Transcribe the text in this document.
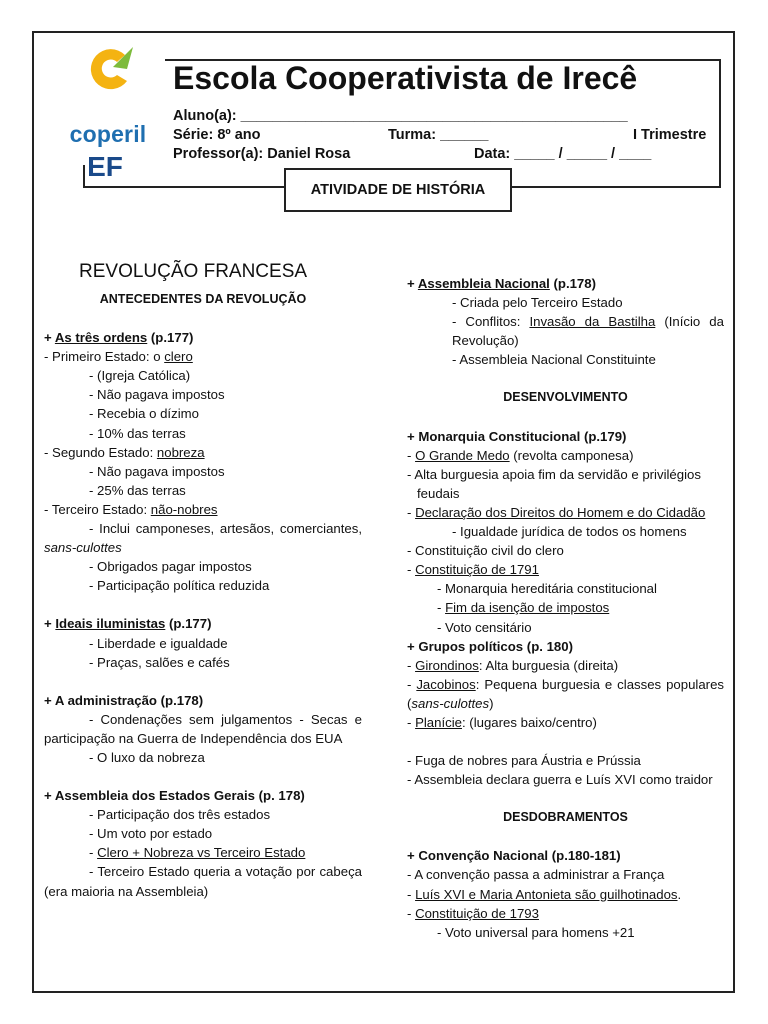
coperil
EF
Escola Cooperativista de Irecê
Aluno(a): ________________________________________________
Série: 8º ano	Turma: ______	I Trimestre
Professor(a): Daniel Rosa	Data: _____ / _____ / ____
ATIVIDADE DE HISTÓRIA

REVOLUÇÃO FRANCESA

ANTECEDENTES DA REVOLUÇÃO

+ As três ordens (p.177)

- Primeiro Estado: o clero

- (Igreja Católica)

- Não pagava impostos

- Recebia o dízimo

- 10% das terras

- Segundo Estado: nobreza

- Não pagava impostos

- 25% das terras

- Terceiro Estado: não-nobres

- Inclui camponeses, artesãos, comerciantes, sans-culottes

- Obrigados pagar impostos

- Participação política reduzida

+ Ideais iluministas (p.177)

- Liberdade e igualdade

- Praças, salões e cafés

+ A administração (p.178)

- Condenações sem julgamentos - Secas e participação na Guerra de Independência dos EUA

- O luxo da nobreza

+ Assembleia dos Estados Gerais (p. 178)

- Participação dos três estados

- Um voto por estado

- Clero + Nobreza vs Terceiro Estado

- Terceiro Estado queria a votação por cabeça (era maioria na Assembleia)

+ Assembleia Nacional (p.178)

- Criada pelo Terceiro Estado

- Conflitos: Invasão da Bastilha (Início da Revolução)

- Assembleia Nacional Constituinte

DESENVOLVIMENTO

+ Monarquia Constitucional (p.179)

- O Grande Medo (revolta camponesa)

- Alta burguesia apoia fim da servidão e privilégios feudais

- Declaração dos Direitos do Homem e do Cidadão

- Igualdade jurídica de todos os homens

- Constituição civil do clero

- Constituição de 1791

- Monarquia hereditária constitucional

- Fim da isenção de impostos

- Voto censitário

+ Grupos políticos (p. 180)

- Girondinos: Alta burguesia (direita)

- Jacobinos: Pequena burguesia e classes populares (sans-culottes)

- Planície: (lugares baixo/centro)

- Fuga de nobres para Áustria e Prússia

- Assembleia declara guerra e Luís XVI como traidor

DESDOBRAMENTOS

+ Convenção Nacional (p.180-181)

- A convenção passa a administrar a França

- Luís XVI e Maria Antonieta são guilhotinados.

- Constituição de 1793

- Voto universal para homens +21
